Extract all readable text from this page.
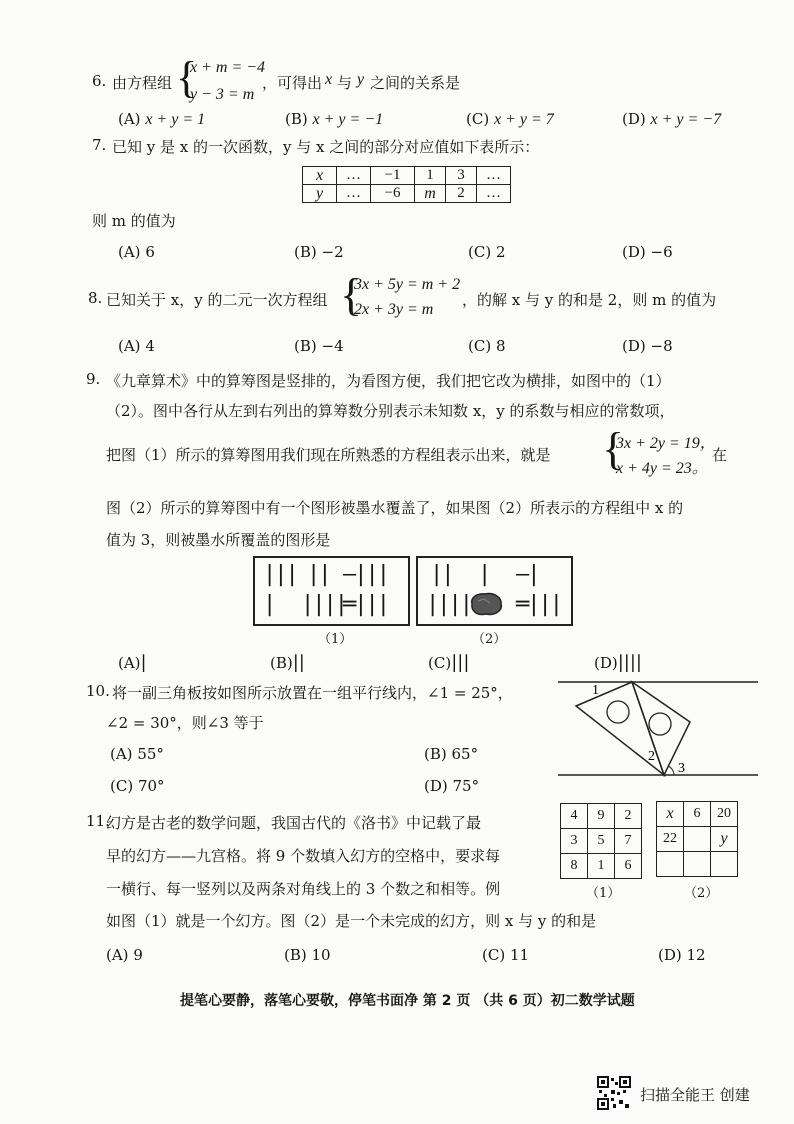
6. 由方程组 {
x + m = −4
y − 3 = m
，可得出 x 与 y 之间的关系是
(A) x + y = 1	(B) x + y = −1	(C) x + y = 7	(D) x + y = −7
7. 已知 y 是 x 的一次函数，y 与 x 之间的部分对应值如下表所示：
x	…	−1	1	3	…
y	…	−6	m	2	…
则 m 的值为
(A) 6	(B) −2	(C) 2	(D) −6
8. 已知关于 x，y 的二元一次方程组 {
3x + 5y = m + 2
2x + 3y = m
，的解 x 与 y 的和是 2，则 m 的值为
(A) 4	(B) −4	(C) 8	(D) −8
9. 《九章算术》中的算筹图是竖排的，为看图方便，我们把它改为横排，如图中的（1）
（2）。图中各行从左到右列出的算筹数分别表示未知数 x，y 的系数与相应的常数项，
把图（1）所示的算筹图用我们现在所熟悉的方程组表示出来，就是 {
3x + 2y = 19，
x + 4y = 23。
在
图（2）所示的算筹图中有一个图形被墨水覆盖了，如果图（2）所表示的方程组中 x 的
值为 3，则被墨水所覆盖的图形是
||| || —|||
| ||||
═|||
|| | —|
|||| ═|||
（1）	（2）
(A)|	(B)||	(C)|||	(D)||||
10. 将一副三角板按如图所示放置在一组平行线内，∠1 = 25°，
∠2 = 30°，则∠3 等于
(A) 55°	(B) 65°
(C) 70°	(D) 75°
1
2
3
11.
幻方是古老的数学问题，我国古代的《洛书》中记载了最
早的幻方——九宫格。将 9 个数填入幻方的空格中，要求每
一横行、每一竖列以及两条对角线上的 3 个数之和相等。例
如图（1）就是一个幻方。图（2）是一个未完成的幻方，则 x 与 y 的和是
4	9	2
3	5	7
8	1	6
（1）
x	6	20
22		y

（2）
(A) 9	(B) 10	(C) 11	(D) 12
提笔心要静，落笔心要敬，停笔书面净 第 2 页 （共 6 页）初二数学试题
扫描全能王 创建
